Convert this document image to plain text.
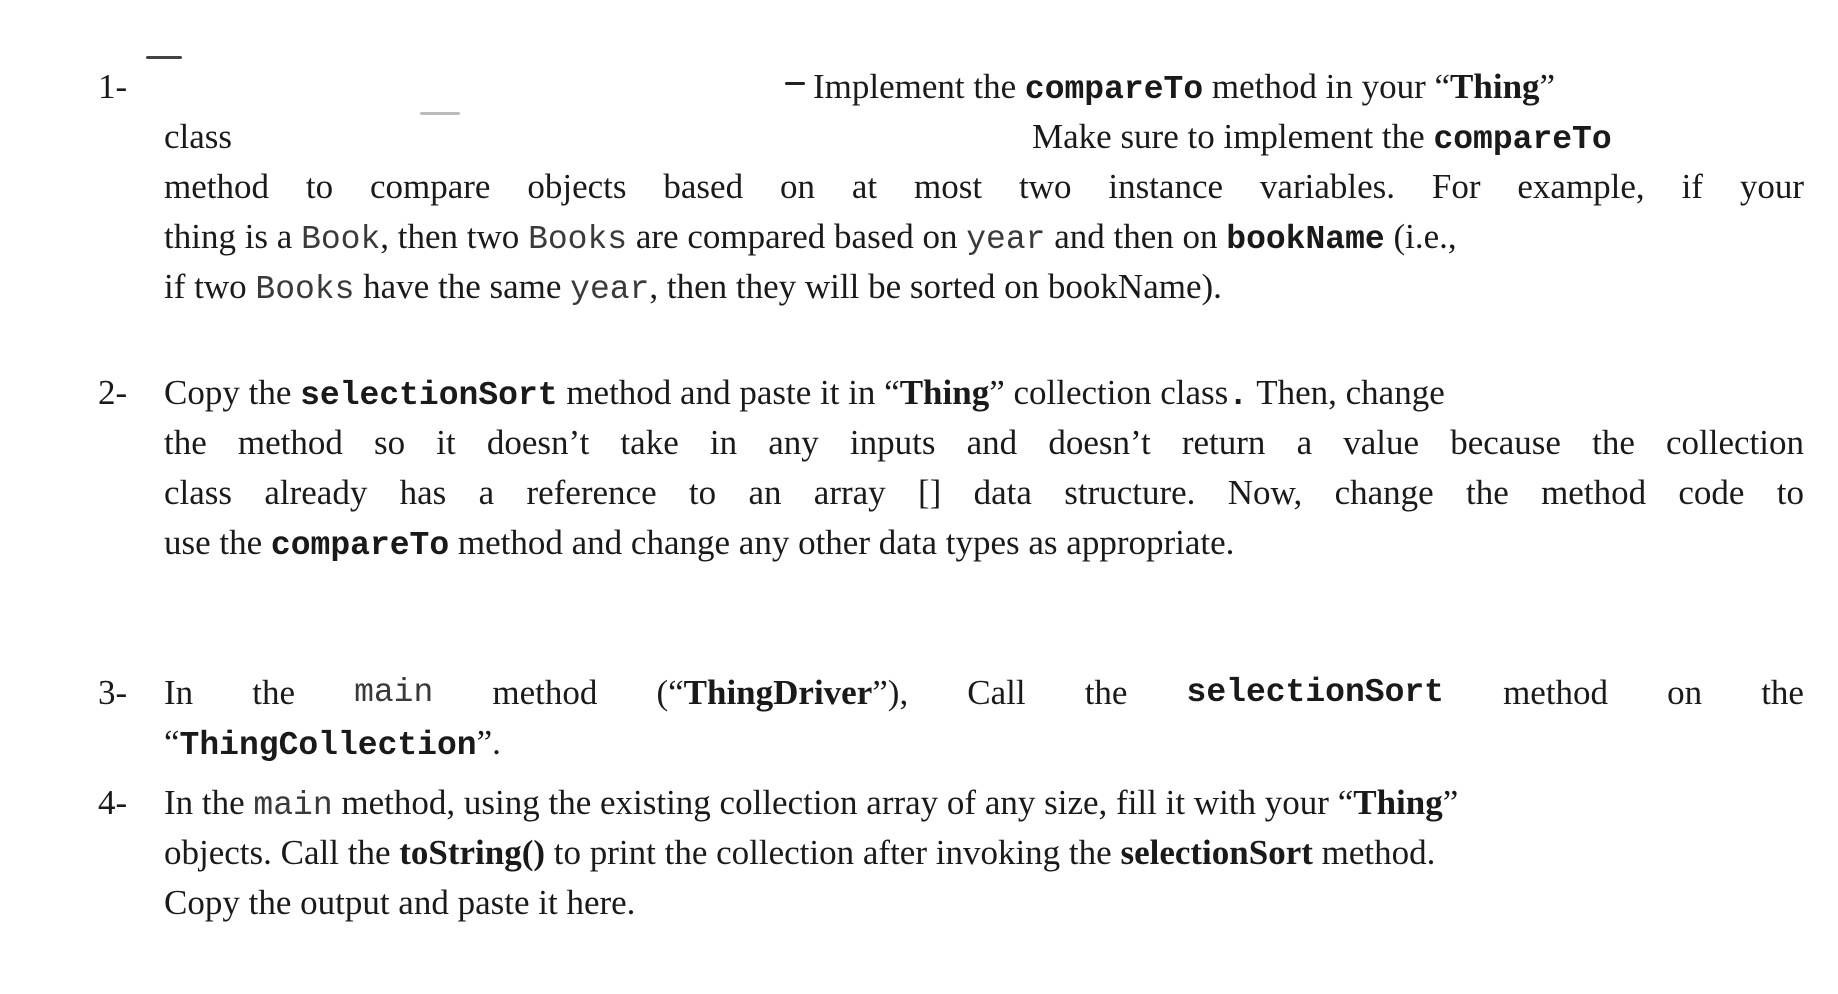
1-	Implement the compareTo method in your “Thing”
class	Make sure to implement the compareTo
method to compare objects based on at most two instance variables. For example, if your
thing is a Book, then two Books are compared based on year and then on bookName (i.e.,
if two Books have the same year, then they will be sorted on bookName).
2- Copy the selectionSort method and paste it in “Thing” collection class. Then, change
the method so it doesn’t take in any inputs and doesn’t return a value because the collection
class already has a reference to an array [] data structure. Now, change the method code to
use the compareTo method and change any other data types as appropriate.
3- In the main method (“ThingDriver”), Call the selectionSort method on the
“ThingCollection”.
4- In the main method, using the existing collection array of any size, fill it with your “Thing”
objects. Call the toString() to print the collection after invoking the selectionSort method.
Copy the output and paste it here.
